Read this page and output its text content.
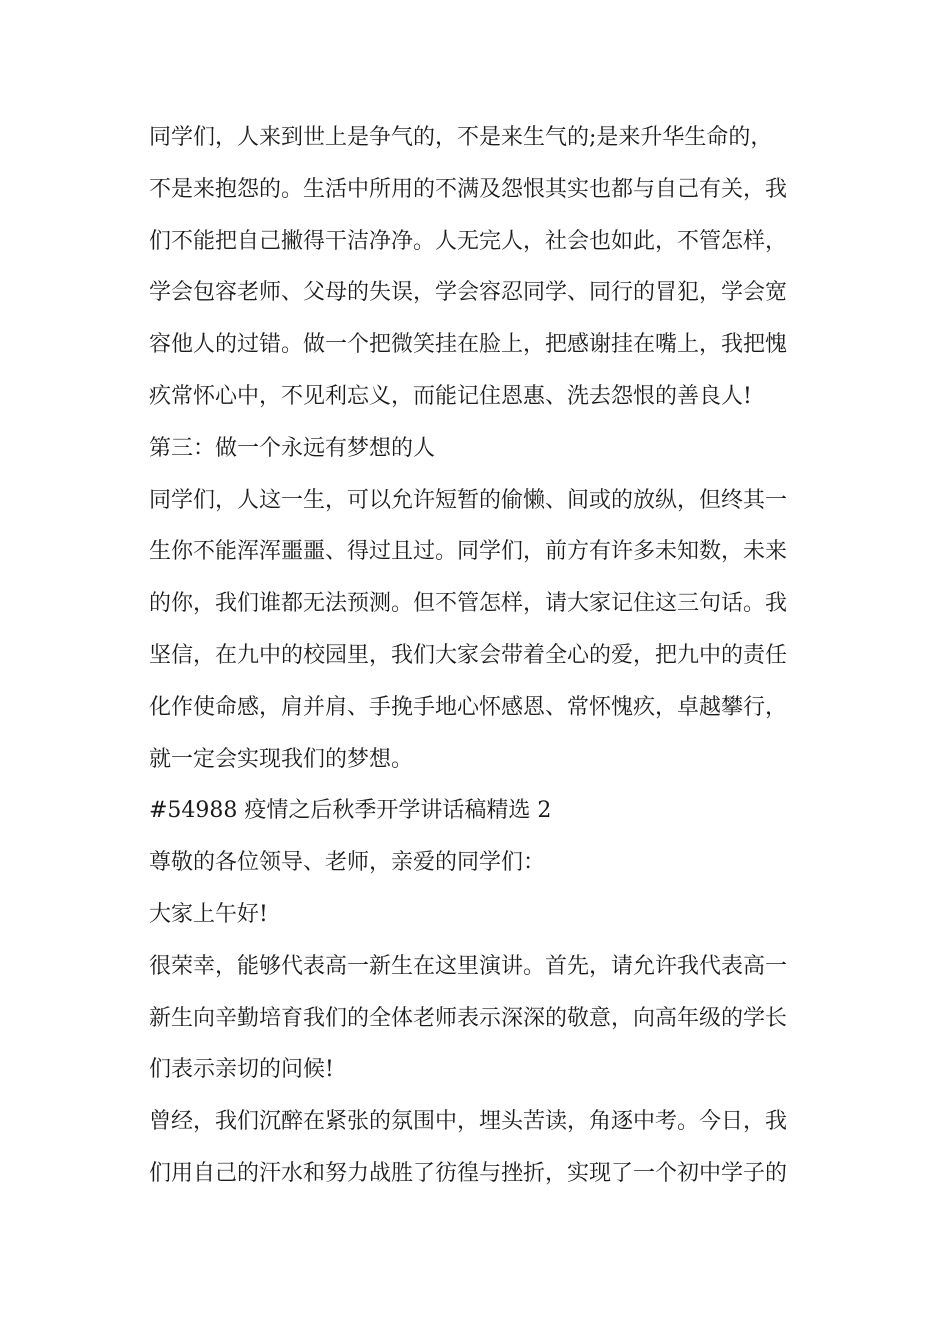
同学们，人来到世上是争气的，不是来生气的;是来升华生命的，
不是来抱怨的。生活中所用的不满及怨恨其实也都与自己有关，我
们不能把自己撇得干洁净净。人无完人，社会也如此，不管怎样，
学会包容老师、父母的失误，学会容忍同学、同行的冒犯，学会宽
容他人的过错。做一个把微笑挂在脸上，把感谢挂在嘴上，我把愧
疚常怀心中，不见利忘义，而能记住恩惠、洗去怨恨的善良人!
第三：做一个永远有梦想的人
同学们，人这一生，可以允许短暂的偷懒、间或的放纵，但终其一
生你不能浑浑噩噩、得过且过。同学们，前方有许多未知数，未来
的你，我们谁都无法预测。但不管怎样，请大家记住这三句话。我
坚信，在九中的校园里，我们大家会带着全心的爱，把九中的责任
化作使命感，肩并肩、手挽手地心怀感恩、常怀愧疚，卓越攀行，
就一定会实现我们的梦想。
#54988 疫情之后秋季开学讲话稿精选 2
尊敬的各位领导、老师，亲爱的同学们：
大家上午好!
很荣幸，能够代表高一新生在这里演讲。首先，请允许我代表高一
新生向辛勤培育我们的全体老师表示深深的敬意，向高年级的学长
们表示亲切的问候!
曾经，我们沉醉在紧张的氛围中，埋头苦读，角逐中考。今日，我
们用自己的汗水和努力战胜了彷徨与挫折，实现了一个初中学子的
